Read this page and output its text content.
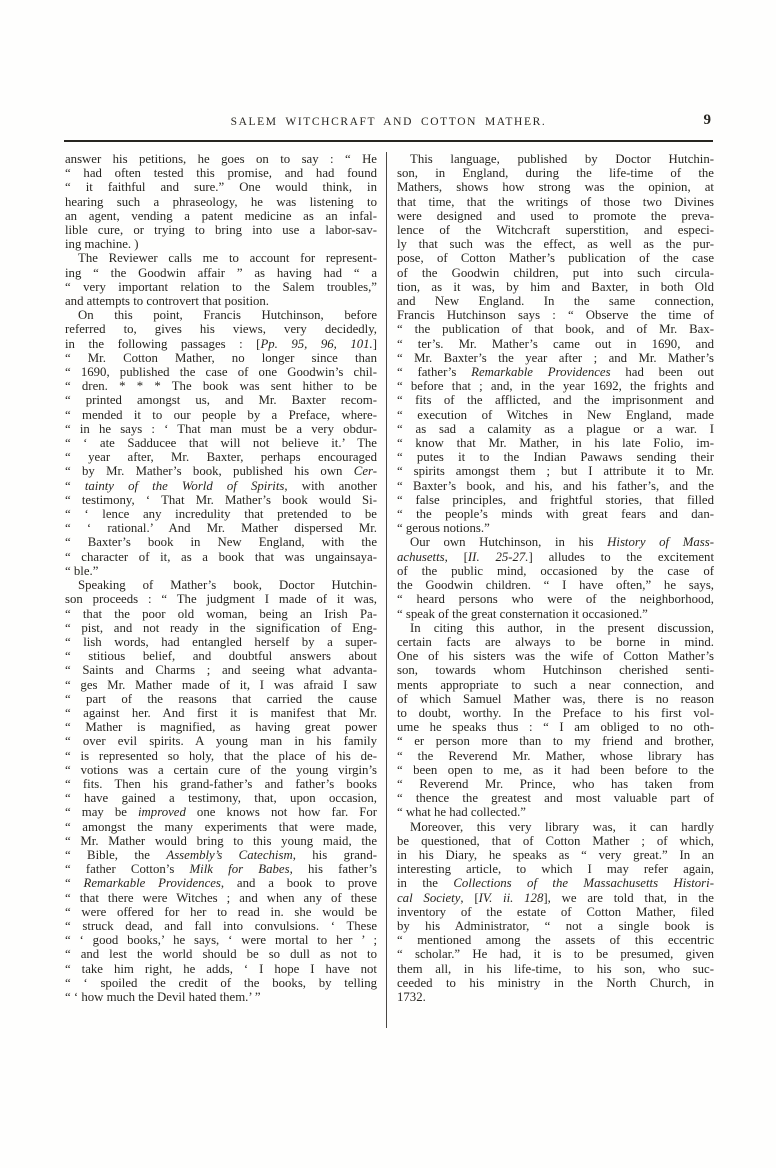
SALEM WITCHCRAFT AND COTTON MATHER.	9
answer his petitions, he goes on to say : “ He
“ had often tested this promise, and had found
“ it faithful and sure.” One would think, in
hearing such a phraseology, he was listening to
an agent, vending a patent medicine as an infal-
lible cure, or trying to bring into use a labor-sav-
ing machine. )
The Reviewer calls me to account for represent-
ing “ the Goodwin affair ” as having had “ a
“ very important relation to the Salem troubles,”
and attempts to controvert that position.
On this point, Francis Hutchinson, before
referred to, gives his views, very decidedly,
in the following passages : [Pp. 95, 96, 101.]
“ Mr. Cotton Mather, no longer since than
“ 1690, published the case of one Goodwin’s chil-
“ dren. * * * The book was sent hither to be
“ printed amongst us, and Mr. Baxter recom-
“ mended it to our people by a Preface, where-
“ in he says : ‘ That man must be a very obdur-
“ ‘ ate Sadducee that will not believe it.’ The
“ year after, Mr. Baxter, perhaps encouraged
“ by Mr. Mather’s book, published his own Cer-
“ tainty of the World of Spirits, with another
“ testimony, ‘ That Mr. Mather’s book would Si-
“ ‘ lence any incredulity that pretended to be
“ ‘ rational.’ And Mr. Mather dispersed Mr.
“ Baxter’s book in New England, with the
“ character of it, as a book that was ungainsaya-
“ ble.”
Speaking of Mather’s book, Doctor Hutchin-
son proceeds : “ The judgment I made of it was,
“ that the poor old woman, being an Irish Pa-
“ pist, and not ready in the signification of Eng-
“ lish words, had entangled herself by a super-
“ stitious belief, and doubtful answers about
“ Saints and Charms ; and seeing what advanta-
“ ges Mr. Mather made of it, I was afraid I saw
“ part of the reasons that carried the cause
“ against her. And first it is manifest that Mr.
“ Mather is magnified, as having great power
“ over evil spirits. A young man in his family
“ is represented so holy, that the place of his de-
“ votions was a certain cure of the young virgin’s
“ fits. Then his grand-father’s and father’s books
“ have gained a testimony, that, upon occasion,
“ may be improved one knows not how far. For
“ amongst the many experiments that were made,
“ Mr. Mather would bring to this young maid, the
“ Bible, the Assembly’s Catechism, his grand-
“ father Cotton’s Milk for Babes, his father’s
“ Remarkable Providences, and a book to prove
“ that there were Witches ; and when any of these
“ were offered for her to read in. she would be
“ struck dead, and fall into convulsions. ‘ These
“ ‘ good books,’ he says, ‘ were mortal to her ’ ;
“ and lest the world should be so dull as not to
“ take him right, he adds, ‘ I hope I have not
“ ‘ spoiled the credit of the books, by telling
“ ‘ how much the Devil hated them.’ ”
This language, published by Doctor Hutchin-
son, in England, during the life-time of the
Mathers, shows how strong was the opinion, at
that time, that the writings of those two Divines
were designed and used to promote the preva-
lence of the Witchcraft superstition, and especi-
ly that such was the effect, as well as the pur-
pose, of Cotton Mather’s publication of the case
of the Goodwin children, put into such circula-
tion, as it was, by him and Baxter, in both Old
and New England. In the same connection,
Francis Hutchinson says : “ Observe the time of
“ the publication of that book, and of Mr. Bax-
“ ter’s. Mr. Mather’s came out in 1690, and
“ Mr. Baxter’s the year after ; and Mr. Mather’s
“ father’s Remarkable Providences had been out
“ before that ; and, in the year 1692, the frights and
“ fits of the afflicted, and the imprisonment and
“ execution of Witches in New England, made
“ as sad a calamity as a plague or a war. I
“ know that Mr. Mather, in his late Folio, im-
“ putes it to the Indian Pawaws sending their
“ spirits amongst them ; but I attribute it to Mr.
“ Baxter’s book, and his, and his father’s, and the
“ false principles, and frightful stories, that filled
“ the people’s minds with great fears and dan-
“ gerous notions.”
Our own Hutchinson, in his History of Mass-
achusetts, [II. 25-27.] alludes to the excitement
of the public mind, occasioned by the case of
the Goodwin children. “ I have often,” he says,
“ heard persons who were of the neighborhood,
“ speak of the great consternation it occasioned.”
In citing this author, in the present discussion,
certain facts are always to be borne in mind.
One of his sisters was the wife of Cotton Mather’s
son, towards whom Hutchinson cherished senti-
ments appropriate to such a near connection, and
of which Samuel Mather was, there is no reason
to doubt, worthy. In the Preface to his first vol-
ume he speaks thus : “ I am obliged to no oth-
“ er person more than to my friend and brother,
“ the Reverend Mr. Mather, whose library has
“ been open to me, as it had been before to the
“ Reverend Mr. Prince, who has taken from
“ thence the greatest and most valuable part of
“ what he had collected.”
Moreover, this very library was, it can hardly
be questioned, that of Cotton Mather ; of which,
in his Diary, he speaks as “ very great.” In an
interesting article, to which I may refer again,
in the Collections of the Massachusetts Histori-
cal Society, [IV. ii. 128], we are told that, in the
inventory of the estate of Cotton Mather, filed
by his Administrator, “ not a single book is
“ mentioned among the assets of this eccentric
“ scholar.” He had, it is to be presumed, given
them all, in his life-time, to his son, who suc-
ceeded to his ministry in the North Church, in
1732.
